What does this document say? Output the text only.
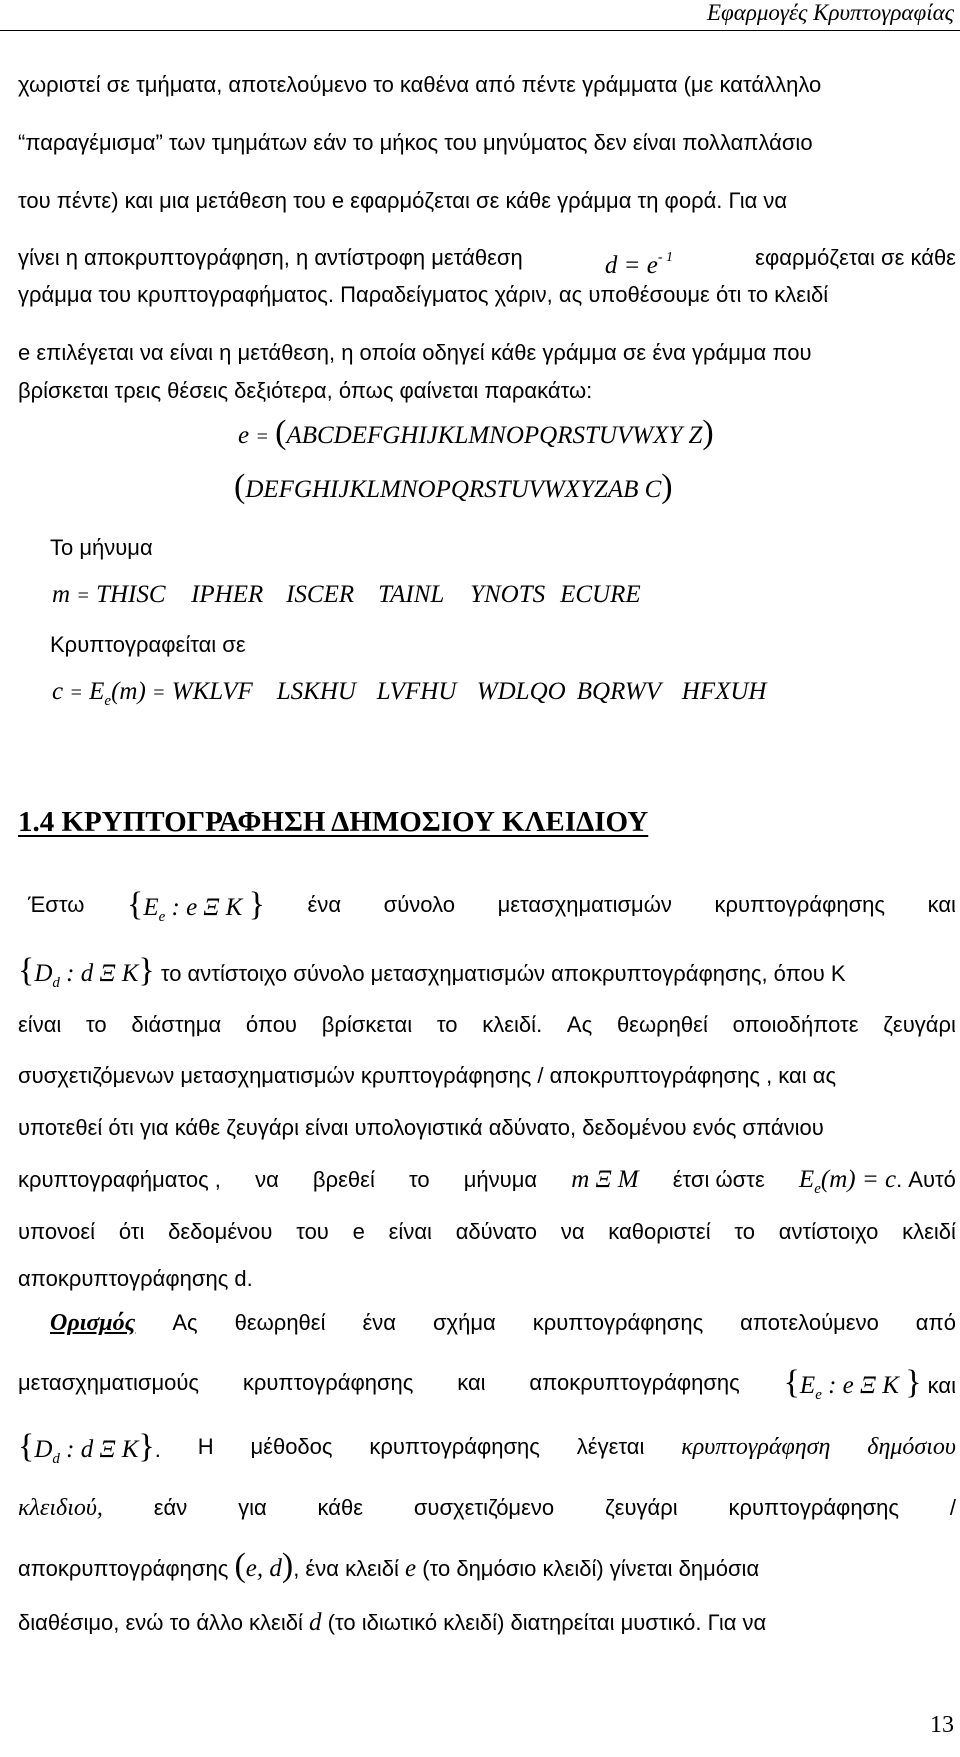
Εφαρμογές Κρυπτογραφίας
χωριστεί σε τμήματα, αποτελούμενο το καθένα από πέντε γράμματα (με κατάλληλο
“παραγέμισμα” των τμημάτων εάν το μήκος του μηνύματος δεν είναι πολλαπλάσιο
του πέντε) και μια μετάθεση του e εφαρμόζεται σε κάθε γράμμα τη φορά. Για να
γίνει η αποκρυπτογράφηση, η αντίστροφη μετάθεση	$d = e^{- 1}$	εφαρμόζεται σε κάθε
γράμμα του κρυπτογραφήματος. Παραδείγματος χάριν, ας υποθέσουμε ότι το κλειδί
e επιλέγεται να είναι η μετάθεση, η οποία οδηγεί κάθε γράμμα σε ένα γράμμα που
βρίσκεται τρεις θέσεις δεξιότερα, όπως φαίνεται παρακάτω:
e = (ABCDEFGHIJKLMNOPQRSTUVWXY Z)
(DEFGHIJKLMNOPQRSTUVWXYZAB C)
Το μήνυμα
m = THISC IPHER ISCER TAINL YNOTS ECURE
Κρυπτογραφείται σε
$c = E_e(m)$ = WKLVF LSKHU LVFHU WDLQO BQRWV HFXUH
1.4 ΚΡΥΠΤΟΓΡΑΦΗΣΗ ΔΗΜΟΣΙΟΥ ΚΛΕΙΔΙΟΥ
Έστω {$E_e$ : e Ξ K } ένα σύνολο μετασχηματισμών κρυπτογράφησης και
{$D_d$ : d Ξ K} το αντίστοιχο σύνολο μετασχηματισμών αποκρυπτογράφησης, όπου K
είναι το διάστημα όπου βρίσκεται το κλειδί. Ας θεωρηθεί οποιοδήποτε ζευγάρι
συσχετιζόμενων μετασχηματισμών κρυπτογράφησης / αποκρυπτογράφησης , και ας
υποτεθεί ότι για κάθε ζευγάρι είναι υπολογιστικά αδύνατο, δεδομένου ενός σπάνιου
κρυπτογραφήματος , να βρεθεί το μήνυμα m Ξ M έτσι ώστε $E_e(m) = c$. Αυτό
υπονοεί ότι δεδομένου του e είναι αδύνατο να καθοριστεί το αντίστοιχο κλειδί
αποκρυπτογράφησης d.
Ορισμός Ας θεωρηθεί ένα σχήμα κρυπτογράφησης αποτελούμενο από
μετασχηματισμούς κρυπτογράφησης και αποκρυπτογράφησης {$E_e$ : e Ξ K } και
{$D_d$ : d Ξ K}. Η μέθοδος κρυπτογράφησης λέγεται κρυπτογράφηση δημόσιου
κλειδιού, εάν για κάθε συσχετιζόμενο ζευγάρι κρυπτογράφησης /
αποκρυπτογράφησης (e, d), ένα κλειδί e (το δημόσιο κλειδί) γίνεται δημόσια
διαθέσιμο, ενώ το άλλο κλειδί d (το ιδιωτικό κλειδί) διατηρείται μυστικό. Για να
13
